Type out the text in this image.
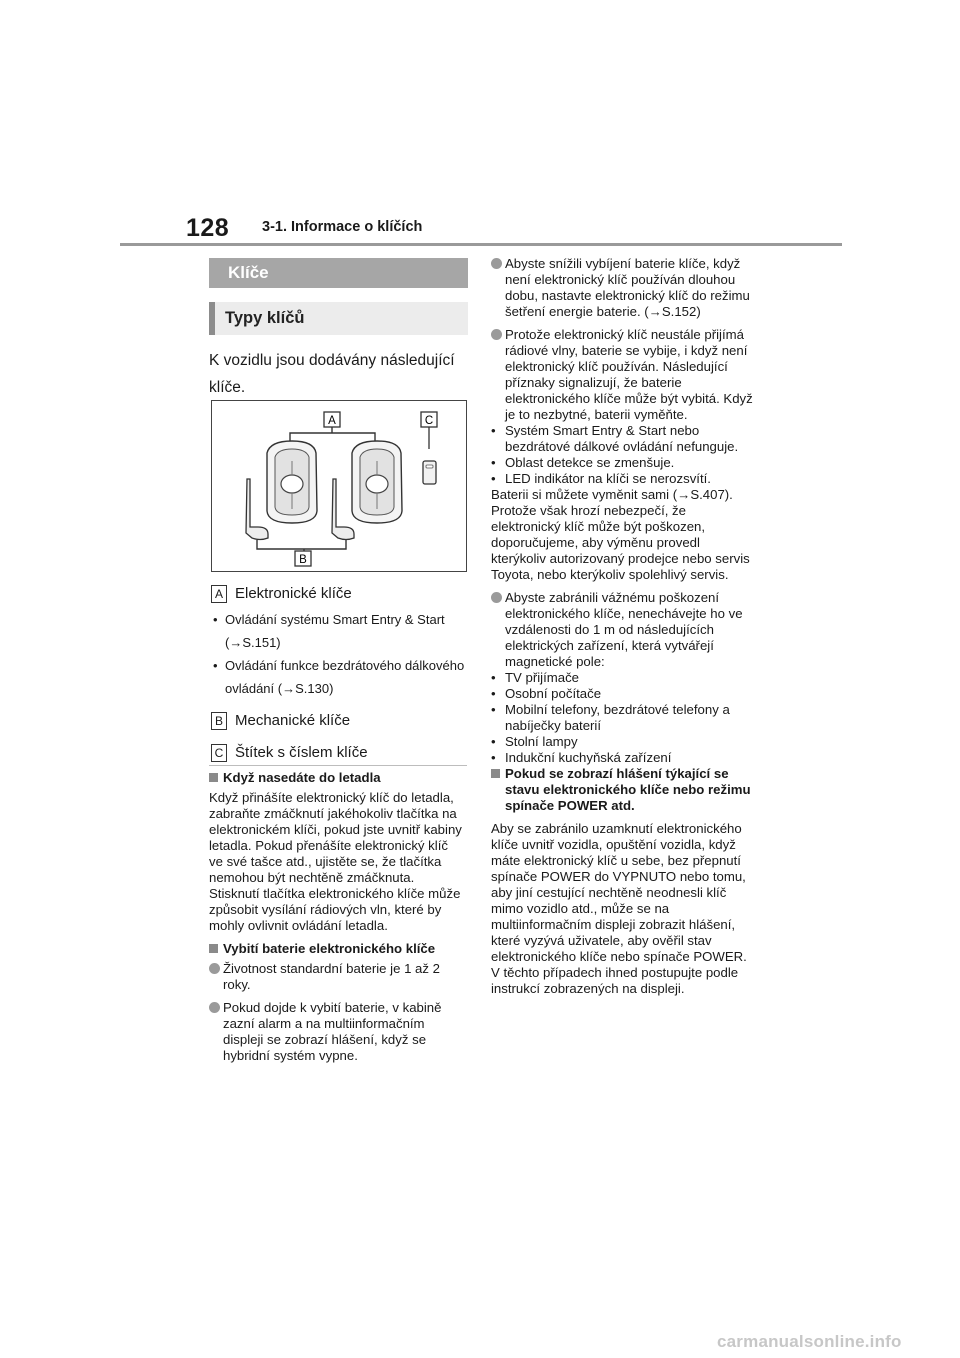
128 3-1. Informace o klíčích
Klíče
Typy klíčů
K vozidlu jsou dodávány následující klíče.
A
B
C
A Elektronické klíče
• Ovládání systému Smart Entry & Start (→S.151)
• Ovládání funkce bezdrátového dálkového ovládání (→S.130)
B Mechanické klíče
C Štítek s číslem klíče
Když nasedáte do letadla
Když přinášíte elektronický klíč do letadla, zabraňte zmáčknutí jakéhokoliv tlačítka na elektronickém klíči, pokud jste uvnitř kabiny letadla. Pokud přenášíte elektronický klíč ve své tašce atd., ujistěte se, že tlačítka nemohou být nechtěně zmáčknuta. Stisknutí tlačítka elektronického klíče může způsobit vysílání rádiových vln, které by mohly ovlivnit ovládání letadla.
Vybití baterie elektronického klíče
Životnost standardní baterie je 1 až 2 roky.
Pokud dojde k vybití baterie, v kabině zazní alarm a na multiinformačním displeji se zobrazí hlášení, když se hybridní systém vypne.
Abyste snížili vybíjení baterie klíče, když není elektronický klíč používán dlouhou dobu, nastavte elektronický klíč do režimu šetření energie baterie. (→S.152)
Protože elektronický klíč neustále přijímá rádiové vlny, baterie se vybije, i když není elektronický klíč používán. Následující příznaky signalizují, že baterie elektronického klíče může být vybitá. Když je to nezbytné, baterii vyměňte.
• Systém Smart Entry & Start nebo bezdrátové dálkové ovládání nefunguje.
• Oblast detekce se zmenšuje.
• LED indikátor na klíči se nerozsvítí.
Baterii si můžete vyměnit sami (→S.407). Protože však hrozí nebezpečí, že elektronický klíč může být poškozen, doporučujeme, aby výměnu provedl kterýkoliv autorizovaný prodejce nebo servis Toyota, nebo kterýkoliv spolehlivý servis.
Abyste zabránili vážnému poškození elektronického klíče, nenechávejte ho ve vzdálenosti do 1 m od následujících elektrických zařízení, která vytvářejí magnetické pole:
• TV přijímače
• Osobní počítače
• Mobilní telefony, bezdrátové telefony a nabíječky baterií
• Stolní lampy
• Indukční kuchyňská zařízení
Pokud se zobrazí hlášení týkající se stavu elektronického klíče nebo režimu spínače POWER atd.
Aby se zabránilo uzamknutí elektronického klíče uvnitř vozidla, opuštění vozidla, když máte elektronický klíč u sebe, bez přepnutí spínače POWER do VYPNUTO nebo tomu, aby jiní cestující nechtěně neodnesli klíč mimo vozidlo atd., může se na multiinformačním displeji zobrazit hlášení, které vyzývá uživatele, aby ověřil stav elektronického klíče nebo spínače POWER. V těchto případech ihned postupujte podle instrukcí zobrazených na displeji.
carmanualsonline.info
